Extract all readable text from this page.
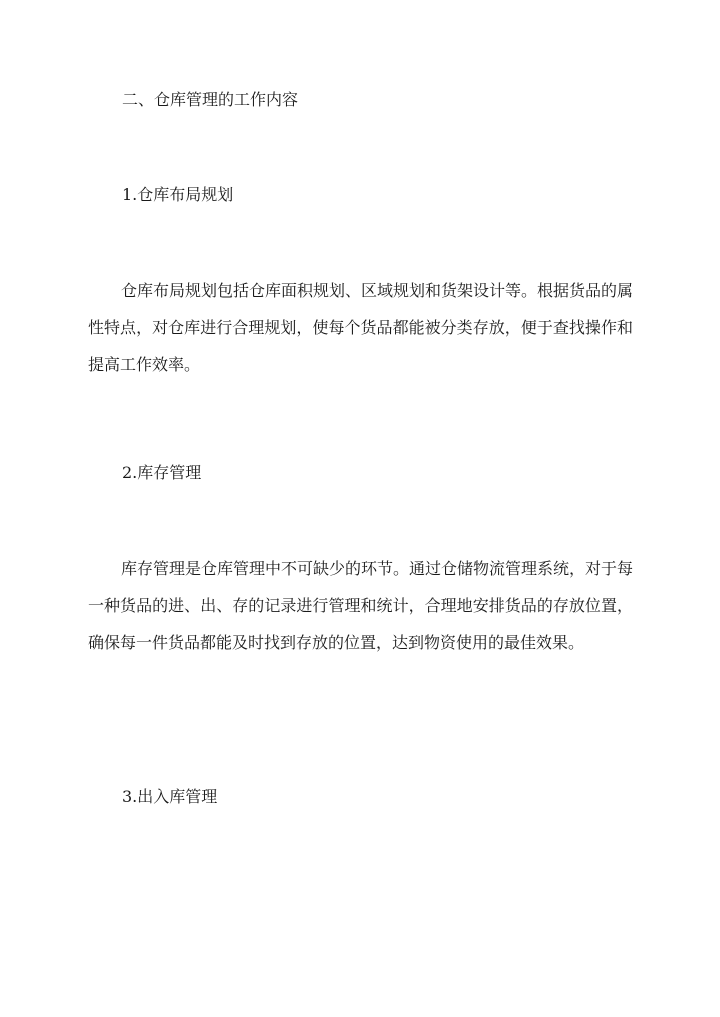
二、仓库管理的工作内容
1.仓库布局规划

仓库布局规划包括仓库面积规划、区域规划和货架设计等。根据货品的属性特点，对仓库进行合理规划，使每个货品都能被分类存放，便于查找操作和提高工作效率。

2.库存管理

库存管理是仓库管理中不可缺少的环节。通过仓储物流管理系统，对于每一种货品的进、出、存的记录进行管理和统计，合理地安排货品的存放位置，确保每一件货品都能及时找到存放的位置，达到物资使用的最佳效果。

3.出入库管理
